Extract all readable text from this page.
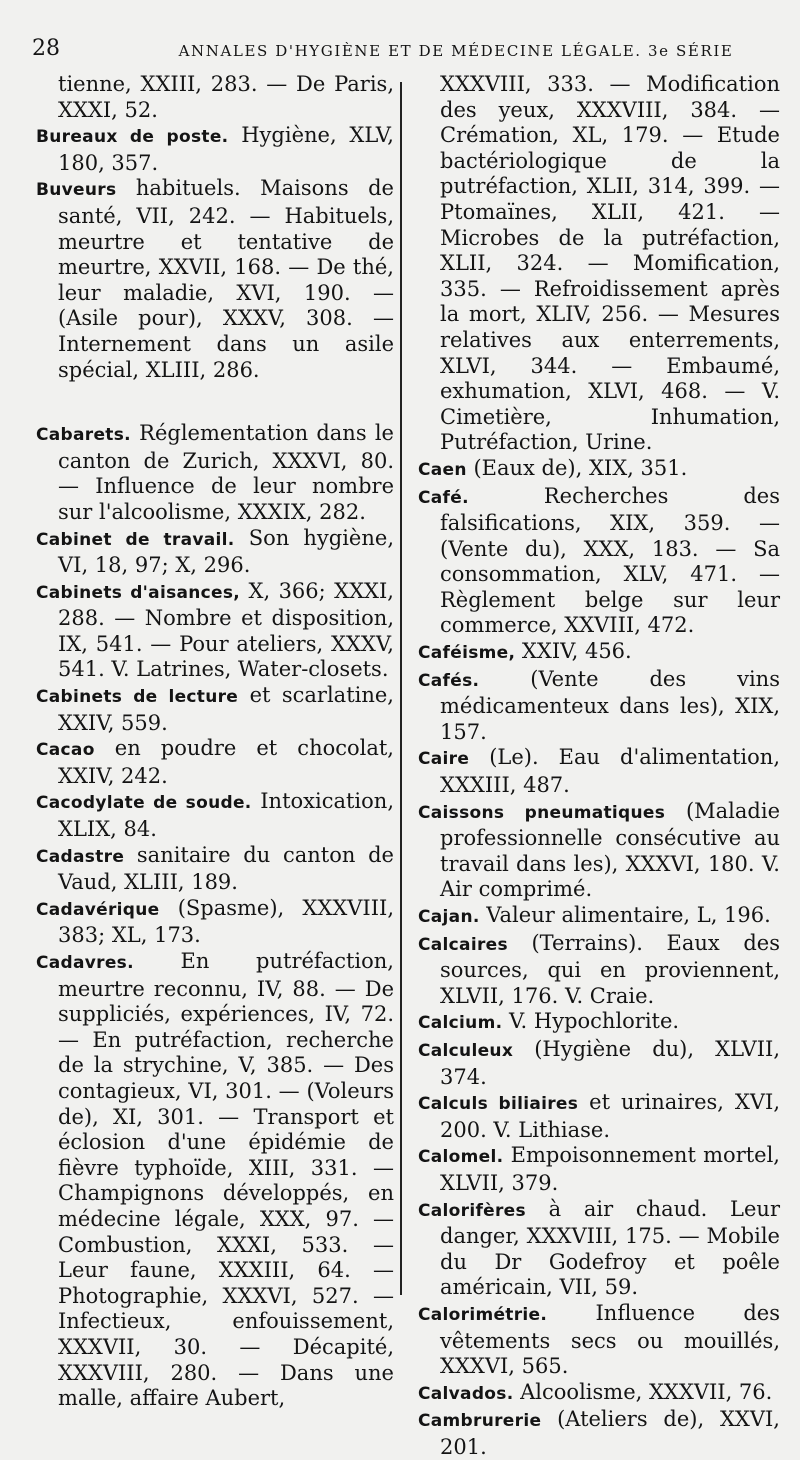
28	ANNALES D'HYGIÈNE ET DE MÉDECINE LÉGALE. 3e SÉRIE
tienne, XXIII, 283. — De Paris, XXXI, 52.
Bureaux de poste. Hygiène, XLV, 180, 357.
Buveurs habituels. Maisons de santé, VII, 242. — Habituels, meurtre et tentative de meurtre, XXVII, 168. — De thé, leur maladie, XVI, 190. — (Asile pour), XXXV, 308. — Internement dans un asile spécial, XLIII, 286.
Cabarets. Réglementation dans le canton de Zurich, XXXVI, 80. — Influence de leur nombre sur l'alcoolisme, XXXIX, 282.
Cabinet de travail. Son hygiène, VI, 18, 97; X, 296.
Cabinets d'aisances, X, 366; XXXI, 288. — Nombre et disposition, IX, 541. — Pour ateliers, XXXV, 541. V. Latrines, Water-closets.
Cabinets de lecture et scarlatine, XXIV, 559.
Cacao en poudre et chocolat, XXIV, 242.
Cacodylate de soude. Intoxication, XLIX, 84.
Cadastre sanitaire du canton de Vaud, XLIII, 189.
Cadavérique (Spasme), XXXVIII, 383; XL, 173.
Cadavres. En putréfaction, meurtre reconnu, IV, 88. — De suppliciés, expériences, IV, 72. — En putréfaction, recherche de la strychine, V, 385. — Des contagieux, VI, 301. — (Voleurs de), XI, 301. — Transport et éclosion d'une épidémie de fièvre typhoïde, XIII, 331. — Champignons développés, en médecine légale, XXX, 97. — Combustion, XXXI, 533. — Leur faune, XXXIII, 64. — Photographie, XXXVI, 527. — Infectieux, enfouissement, XXXVII, 30. — Décapité, XXXVIII, 280. — Dans une malle, affaire Aubert,
XXXVIII, 333. — Modification des yeux, XXXVIII, 384. — Crémation, XL, 179. — Etude bactériologique de la putréfaction, XLII, 314, 399. — Ptomaïnes, XLII, 421. — Microbes de la putréfaction, XLII, 324. — Momification, 335. — Refroidissement après la mort, XLIV, 256. — Mesures relatives aux enterrements, XLVI, 344. — Embaumé, exhumation, XLVI, 468. — V. Cimetière, Inhumation, Putréfaction, Urine.
Caen (Eaux de), XIX, 351.
Café.	Recherches des falsifications, XIX, 359. — (Vente du), XXX, 183. — Sa consommation, XLV, 471. — Règlement belge sur leur commerce, XXVIII, 472.
Caféisme, XXIV, 456.
Cafés. (Vente des vins médicamenteux dans les), XIX, 157.
Caire (Le). Eau d'alimentation, XXXIII, 487.
Caissons pneumatiques (Maladie professionnelle consécutive au travail dans les), XXXVI, 180. V. Air comprimé.
Cajan. Valeur alimentaire, L, 196.
Calcaires (Terrains). Eaux des sources, qui en proviennent, XLVII, 176. V. Craie.
Calcium. V. Hypochlorite.
Calculeux (Hygiène du), XLVII, 374.
Calculs biliaires et urinaires, XVI, 200. V. Lithiase.
Calomel. Empoisonnement mortel, XLVII, 379.
Calorifères à air chaud. Leur danger, XXXVIII, 175. — Mobile du Dr Godefroy et poêle américain, VII, 59.
Calorimétrie. Influence des vêtements secs ou mouillés, XXXVI, 565.
Calvados. Alcoolisme, XXXVII, 76.
Cambrurerie (Ateliers de), XXVI, 201.
